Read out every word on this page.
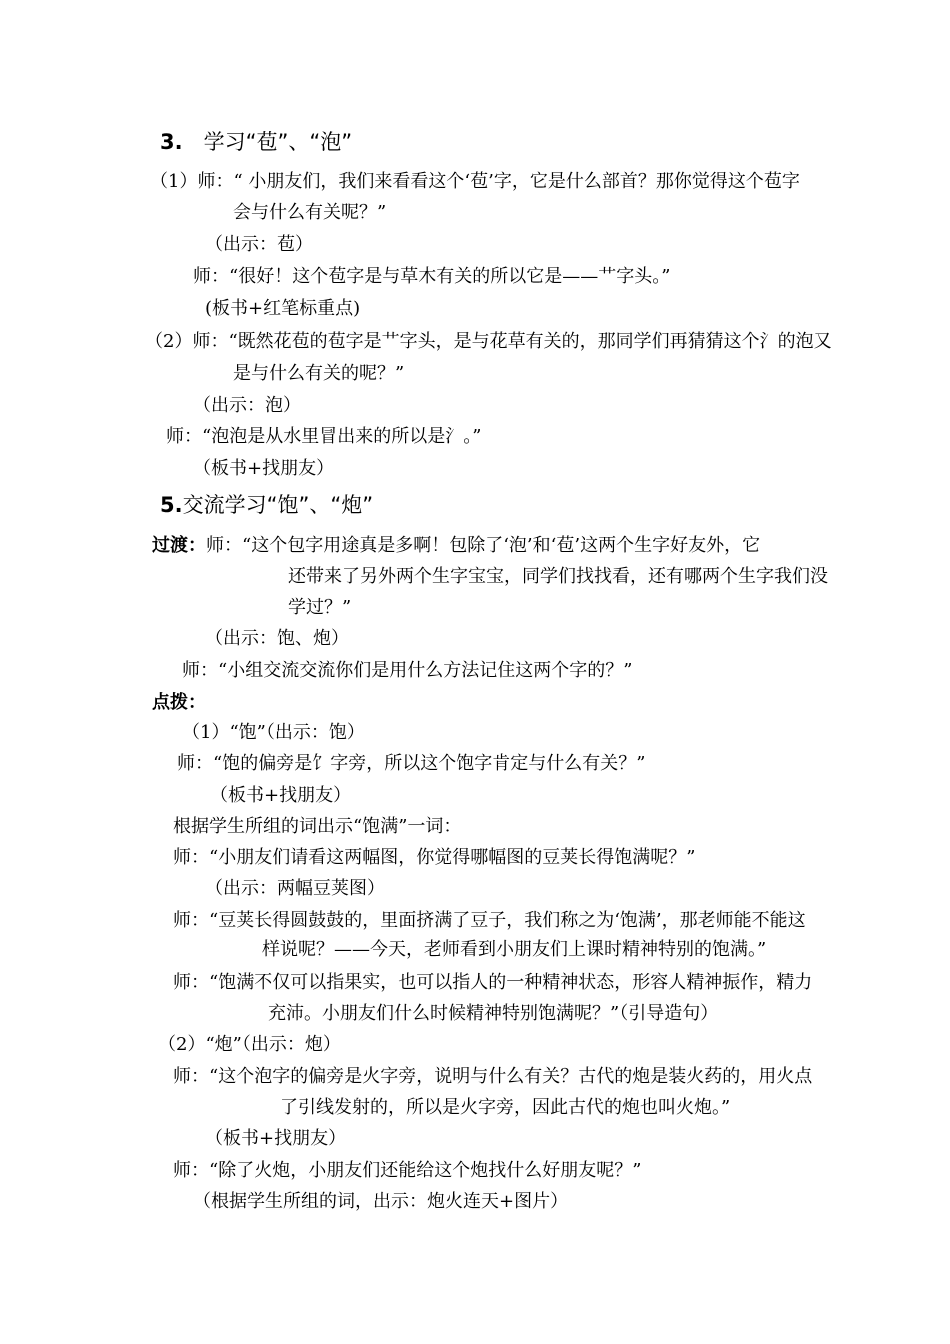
3.　学习“苞”、“泡”
（1）师：“ 小朋友们，我们来看看这个‘苞’字，它是什么部首？那你觉得这个苞字
会与什么有关呢？”
（出示：苞）
师：“很好！这个苞字是与草木有关的所以它是——艹字头。”
(板书+红笔标重点)
（2）师：“既然花苞的苞字是艹字头，是与花草有关的，那同学们再猜猜这个氵的泡又
是与什么有关的呢？”
（出示：泡）
师：“泡泡是从水里冒出来的所以是氵。”
（板书+找朋友）
5.交流学习“饱”、“炮”
过渡：师：“这个包字用途真是多啊！包除了‘泡’和‘苞’这两个生字好友外，它
还带来了另外两个生字宝宝，同学们找找看，还有哪两个生字我们没
学过？”
（出示：饱、炮）
师：“小组交流交流你们是用什么方法记住这两个字的？”
点拨：
（1）“饱”（出示：饱）
师：“饱的偏旁是饣字旁，所以这个饱字肯定与什么有关？”
（板书+找朋友）
根据学生所组的词出示“饱满”一词：
师：“小朋友们请看这两幅图，你觉得哪幅图的豆荚长得饱满呢？”
（出示：两幅豆荚图）
师：“豆荚长得圆鼓鼓的，里面挤满了豆子，我们称之为‘饱满’，那老师能不能这
样说呢？——今天，老师看到小朋友们上课时精神特别的饱满。”
师：“饱满不仅可以指果实，也可以指人的一种精神状态，形容人精神振作，精力
充沛。小朋友们什么时候精神特别饱满呢？”（引导造句）
（2）“炮”（出示：炮）
师：“这个泡字的偏旁是火字旁，说明与什么有关？古代的炮是装火药的，用火点
了引线发射的，所以是火字旁，因此古代的炮也叫火炮。”
（板书+找朋友）
师：“除了火炮，小朋友们还能给这个炮找什么好朋友呢？”
（根据学生所组的词，出示：炮火连天+图片）
